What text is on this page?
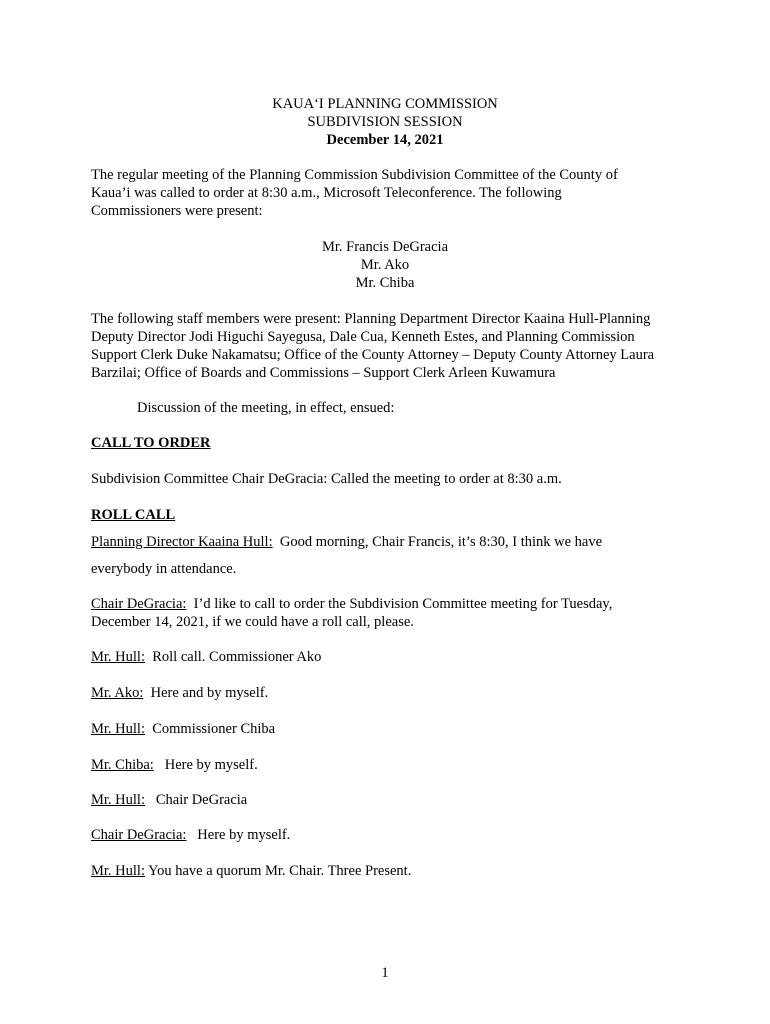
KAUA‘I PLANNING COMMISSION
SUBDIVISION SESSION
December 14, 2021
The regular meeting of the Planning Commission Subdivision Committee of the County of
Kaua’i was called to order at 8:30 a.m., Microsoft Teleconference. The following
Commissioners were present:
Mr. Francis DeGracia
Mr. Ako
Mr. Chiba
The following staff members were present: Planning Department Director Kaaina Hull-Planning
Deputy Director Jodi Higuchi Sayegusa, Dale Cua, Kenneth Estes, and Planning Commission
Support Clerk Duke Nakamatsu; Office of the County Attorney – Deputy County Attorney Laura
Barzilai; Office of Boards and Commissions – Support Clerk Arleen Kuwamura
Discussion of the meeting, in effect, ensued:
CALL TO ORDER
Subdivision Committee Chair DeGracia: Called the meeting to order at 8:30 a.m.
ROLL CALL
Planning Director Kaaina Hull:  Good morning, Chair Francis, it’s 8:30, I think we have
everybody in attendance.
Chair DeGracia:  I’d like to call to order the Subdivision Committee meeting for Tuesday,
December 14, 2021, if we could have a roll call, please.
Mr. Hull:  Roll call. Commissioner Ako
Mr. Ako:  Here and by myself.
Mr. Hull:  Commissioner Chiba
Mr. Chiba:   Here by myself.
Mr. Hull:   Chair DeGracia
Chair DeGracia:   Here by myself.
Mr. Hull: You have a quorum Mr. Chair. Three Present.
1
